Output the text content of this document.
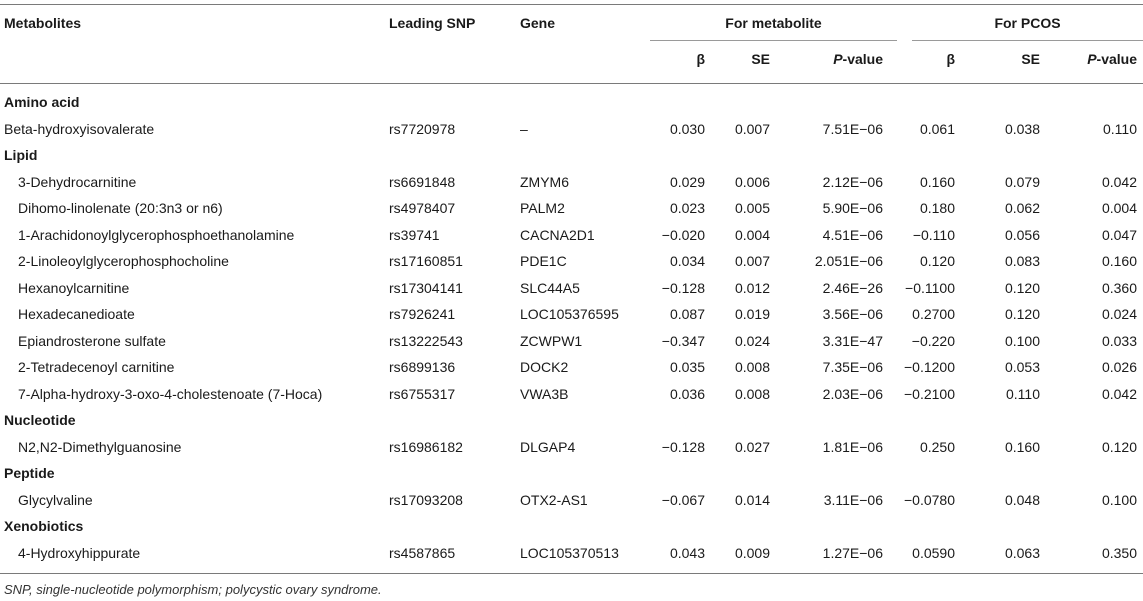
Metabolites	Leading SNP	Gene	For metabolite	For PCOS
β	SE	P-value	β	SE	P-value
Amino acid
Beta-hydroxyisovalerate	rs7720978	–	0.030	0.007	7.51E−06	0.061	0.038	0.110
Lipid
3-Dehydrocarnitine	rs6691848	ZMYM6	0.029	0.006	2.12E−06	0.160	0.079	0.042
Dihomo-linolenate (20:3n3 or n6)	rs4978407	PALM2	0.023	0.005	5.90E−06	0.180	0.062	0.004
1-Arachidonoylglycerophosphoethanolamine	rs39741	CACNA2D1	−0.020	0.004	4.51E−06	−0.110	0.056	0.047
2-Linoleoylglycerophosphocholine	rs17160851	PDE1C	0.034	0.007	2.051E−06	0.120	0.083	0.160
Hexanoylcarnitine	rs17304141	SLC44A5	−0.128	0.012	2.46E−26	−0.1100	0.120	0.360
Hexadecanedioate	rs7926241	LOC105376595	0.087	0.019	3.56E−06	0.2700	0.120	0.024
Epiandrosterone sulfate	rs13222543	ZCWPW1	−0.347	0.024	3.31E−47	−0.220	0.100	0.033
2-Tetradecenoyl carnitine	rs6899136	DOCK2	0.035	0.008	7.35E−06	−0.1200	0.053	0.026
7-Alpha-hydroxy-3-oxo-4-cholestenoate (7-Hoca)	rs6755317	VWA3B	0.036	0.008	2.03E−06	−0.2100	0.110	0.042
Nucleotide
N2,N2-Dimethylguanosine	rs16986182	DLGAP4	−0.128	0.027	1.81E−06	0.250	0.160	0.120
Peptide
Glycylvaline	rs17093208	OTX2-AS1	−0.067	0.014	3.11E−06	−0.0780	0.048	0.100
Xenobiotics
4-Hydroxyhippurate	rs4587865	LOC105370513	0.043	0.009	1.27E−06	0.0590	0.063	0.350
SNP, single-nucleotide polymorphism; polycystic ovary syndrome.
